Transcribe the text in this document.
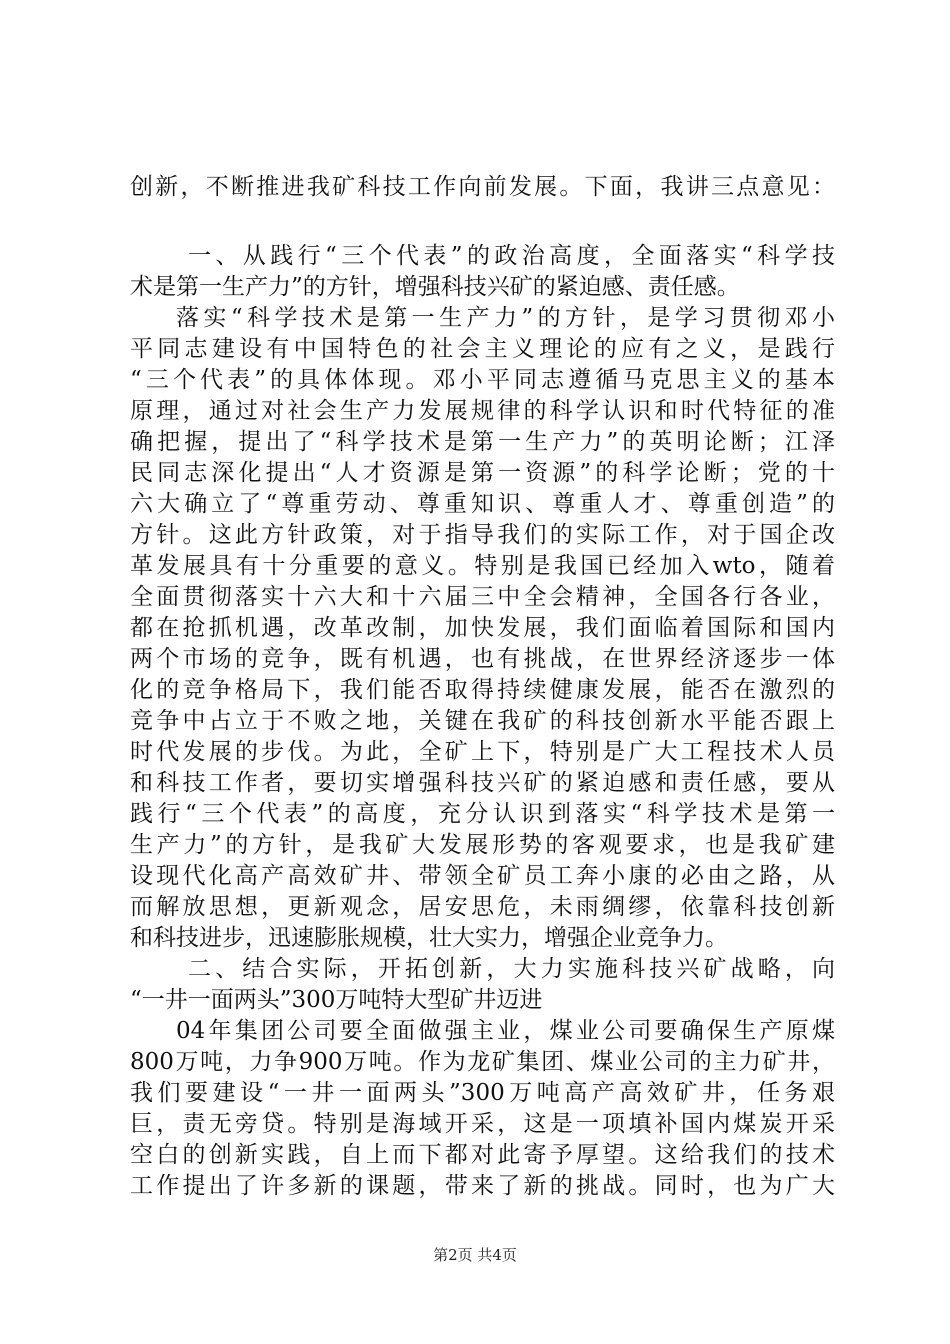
创新，不断推进我矿科技工作向前发展。下面，我讲三点意见：
一、从践行“三个代表”的政治高度，全面落实“科学技
术是第一生产力”的方针，增强科技兴矿的紧迫感、责任感。
落实“科学技术是第一生产力”的方针，是学习贯彻邓小
平同志建设有中国特色的社会主义理论的应有之义，是践行
“三个代表”的具体体现。邓小平同志遵循马克思主义的基本
原理，通过对社会生产力发展规律的科学认识和时代特征的准
确把握，提出了“科学技术是第一生产力”的英明论断；江泽
民同志深化提出“人才资源是第一资源”的科学论断；党的十
六大确立了“尊重劳动、尊重知识、尊重人才、尊重创造”的
方针。这此方针政策，对于指导我们的实际工作，对于国企改
革发展具有十分重要的意义。特别是我国已经加入wto，随着
全面贯彻落实十六大和十六届三中全会精神，全国各行各业，
都在抢抓机遇，改革改制，加快发展，我们面临着国际和国内
两个市场的竞争，既有机遇，也有挑战，在世界经济逐步一体
化的竞争格局下，我们能否取得持续健康发展，能否在激烈的
竞争中占立于不败之地，关键在我矿的科技创新水平能否跟上
时代发展的步伐。为此，全矿上下，特别是广大工程技术人员
和科技工作者，要切实增强科技兴矿的紧迫感和责任感，要从
践行“三个代表”的高度，充分认识到落实“科学技术是第一
生产力”的方针，是我矿大发展形势的客观要求，也是我矿建
设现代化高产高效矿井、带领全矿员工奔小康的必由之路，从
而解放思想，更新观念，居安思危，未雨绸缪，依靠科技创新
和科技进步，迅速膨胀规模，壮大实力，增强企业竞争力。
二、结合实际，开拓创新，大力实施科技兴矿战略，向
“一井一面两头”300万吨特大型矿井迈进
04年集团公司要全面做强主业，煤业公司要确保生产原煤
800万吨，力争900万吨。作为龙矿集团、煤业公司的主力矿井，
我们要建设“一井一面两头”300万吨高产高效矿井，任务艰
巨，责无旁贷。特别是海域开采，这是一项填补国内煤炭开采
空白的创新实践，自上而下都对此寄予厚望。这给我们的技术
工作提出了许多新的课题，带来了新的挑战。同时，也为广大
第2页 共4页
